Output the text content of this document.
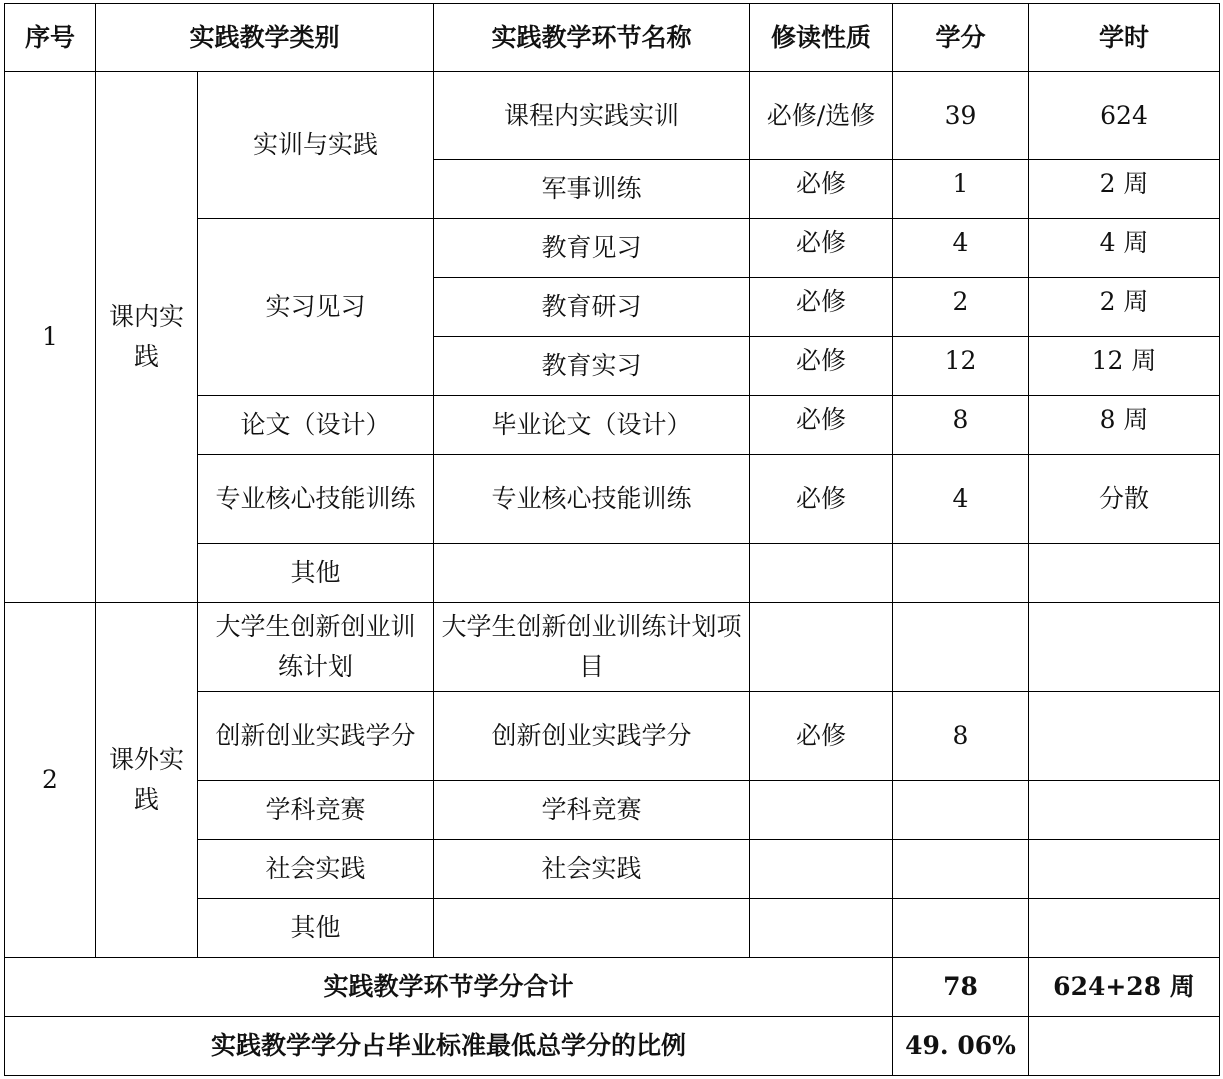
序号	实践教学类别		实践教学环节名称	修读性质	学分	学时
1	课内实践	实训与实践	课程内实践实训	必修/选修	39	624
			军事训练	必修	1	2 周
		实习见习	教育见习	必修	4	4 周
			教育研习	必修	2	2 周
			教育实习	必修	12	12 周
		论文（设计）	毕业论文（设计）	必修	8	8 周
		专业核心技能训练	专业核心技能训练	必修	4	分散
		其他				

2	课外实践	大学生创新创业训练计划	大学生创新创业训练计划项目			
		创新创业实践学分	创新创业实践学分	必修	8	
		学科竞赛	学科竞赛			
		社会实践	社会实践			
		其他				
实践教学环节学分合计					78	624+28 周
实践教学学分占毕业标准最低总学分的比例					49. 06%	
